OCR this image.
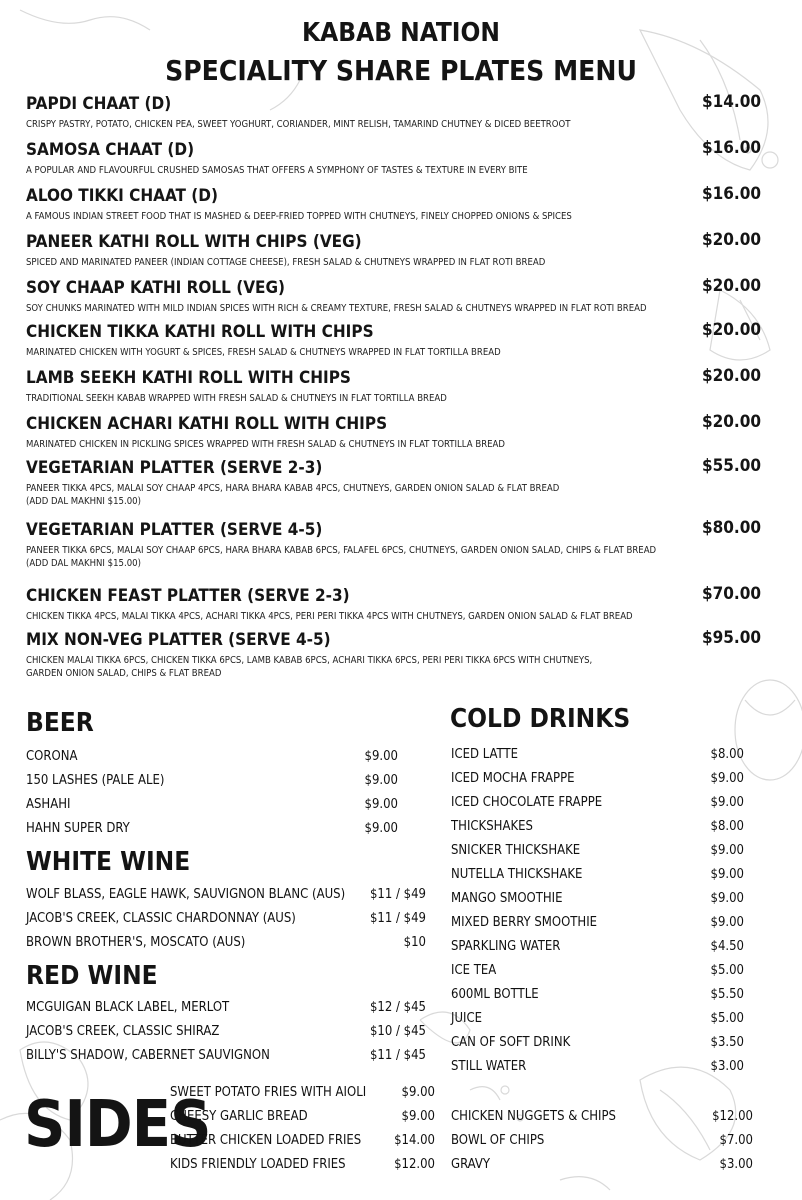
KABAB NATION
SPECIALITY SHARE PLATES MENU
PAPDI CHAAT (D)	$14.00
CRISPY PASTRY, POTATO, CHICKEN PEA, SWEET YOGHURT, CORIANDER, MINT RELISH, TAMARIND CHUTNEY & DICED BEETROOT
SAMOSA CHAAT (D)	$16.00
A POPULAR AND FLAVOURFUL CRUSHED SAMOSAS THAT OFFERS A SYMPHONY OF TASTES & TEXTURE IN EVERY BITE
ALOO TIKKI CHAAT (D)	$16.00
A FAMOUS INDIAN STREET FOOD THAT IS MASHED & DEEP-FRIED TOPPED WITH CHUTNEYS, FINELY CHOPPED ONIONS & SPICES
PANEER KATHI ROLL WITH CHIPS (VEG)	$20.00
SPICED AND MARINATED PANEER (INDIAN COTTAGE CHEESE), FRESH SALAD & CHUTNEYS WRAPPED IN FLAT ROTI BREAD
SOY CHAAP KATHI ROLL (VEG)	$20.00
SOY CHUNKS MARINATED WITH MILD INDIAN SPICES WITH RICH & CREAMY TEXTURE, FRESH SALAD & CHUTNEYS WRAPPED IN FLAT ROTI BREAD
CHICKEN TIKKA KATHI ROLL WITH CHIPS	$20.00
MARINATED CHICKEN WITH YOGURT & SPICES, FRESH SALAD & CHUTNEYS WRAPPED IN FLAT TORTILLA BREAD
LAMB SEEKH KATHI ROLL WITH CHIPS	$20.00
TRADITIONAL SEEKH KABAB WRAPPED WITH FRESH SALAD & CHUTNEYS IN FLAT TORTILLA BREAD
CHICKEN ACHARI KATHI ROLL WITH CHIPS	$20.00
MARINATED CHICKEN IN PICKLING SPICES WRAPPED WITH FRESH SALAD & CHUTNEYS IN FLAT TORTILLA BREAD
VEGETARIAN PLATTER (SERVE 2-3)	$55.00
PANEER TIKKA 4PCS, MALAI SOY CHAAP 4PCS, HARA BHARA KABAB 4PCS, CHUTNEYS, GARDEN ONION SALAD & FLAT BREAD
(ADD DAL MAKHNI $15.00)
VEGETARIAN PLATTER (SERVE 4-5)	$80.00
PANEER TIKKA 6PCS, MALAI SOY CHAAP 6PCS, HARA BHARA KABAB 6PCS, FALAFEL 6PCS, CHUTNEYS, GARDEN ONION SALAD, CHIPS & FLAT BREAD
(ADD DAL MAKHNI $15.00)
CHICKEN FEAST PLATTER (SERVE 2-3)	$70.00
CHICKEN TIKKA 4PCS, MALAI TIKKA 4PCS, ACHARI TIKKA 4PCS, PERI PERI TIKKA 4PCS WITH CHUTNEYS, GARDEN ONION SALAD & FLAT BREAD
MIX NON-VEG PLATTER (SERVE 4-5)	$95.00
CHICKEN MALAI TIKKA 6PCS, CHICKEN TIKKA 6PCS, LAMB KABAB 6PCS, ACHARI TIKKA 6PCS, PERI PERI TIKKA 6PCS WITH CHUTNEYS,
GARDEN ONION SALAD, CHIPS & FLAT BREAD
BEER
CORONA	$9.00
150 LASHES (PALE ALE)	$9.00
ASHAHI	$9.00
HAHN SUPER DRY	$9.00
WHITE WINE
WOLF BLASS, EAGLE HAWK, SAUVIGNON BLANC (AUS) $11 / $49
JACOB'S CREEK, CLASSIC CHARDONNAY (AUS)	$11 / $49
BROWN BROTHER'S, MOSCATO (AUS)	$10
RED WINE
MCGUIGAN BLACK LABEL, MERLOT	$12 / $45
JACOB'S CREEK, CLASSIC SHIRAZ	$10 / $45
BILLY'S SHADOW, CABERNET SAUVIGNON	$11 / $45
COLD DRINKS
ICED LATTE	$8.00
ICED MOCHA FRAPPE	$9.00
ICED CHOCOLATE FRAPPE	$9.00
THICKSHAKES	$8.00
SNICKER THICKSHAKE	$9.00
NUTELLA THICKSHAKE	$9.00
MANGO SMOOTHIE	$9.00
MIXED BERRY SMOOTHIE	$9.00
SPARKLING WATER	$4.50
ICE TEA	$5.00
600ML BOTTLE	$5.50
JUICE	$5.00
CAN OF SOFT DRINK	$3.50
STILL WATER	$3.00
SIDES
SWEET POTATO FRIES WITH AIOLI	$9.00
CHEESY GARLIC BREAD	$9.00
BUTTER CHICKEN LOADED FRIES	$14.00
KIDS FRIENDLY LOADED FRIES	$12.00
CHICKEN NUGGETS & CHIPS	$12.00
BOWL OF CHIPS	$7.00
GRAVY	$3.00
